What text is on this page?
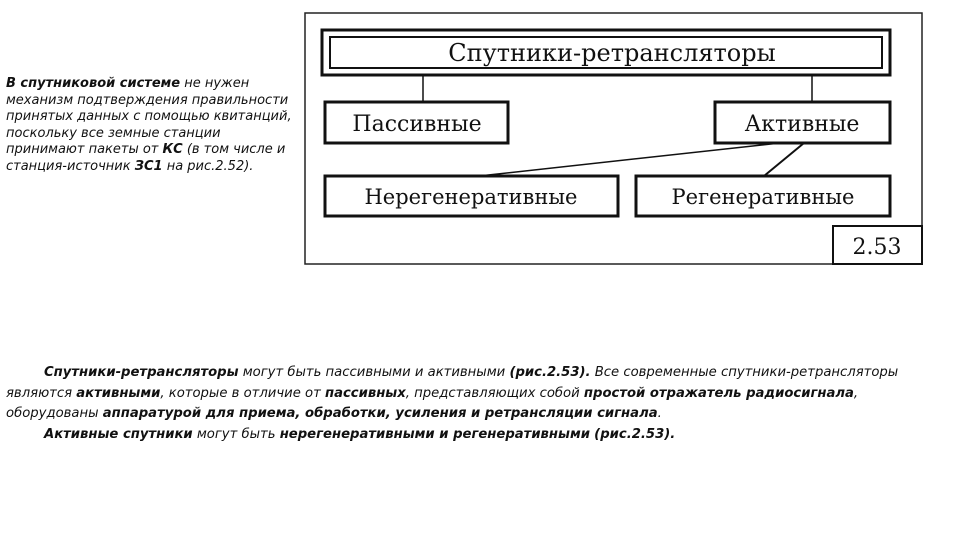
В спутниковой системе не нужен механизм подтверждения правильности принятых данных с помощью квитанций, поскольку все земные станции принимают пакеты от КС (в том числе и станция-источник ЗС1 на рис.2.52).
Спутники-ретрансляторы
Пассивные	Активные
Нерегенеративные	Регенеративные
2.53

Спутники-ретрансляторы могут быть пассивными и активными (рис.2.53). Все современные спутники-ретрансляторы являются активными, которые в отличие от пассивных, представляющих собой простой отражатель радиосигнала, оборудованы аппаратурой для приема, обработки, усиления и ретрансляции сигнала.

Активные спутники могут быть нерегенеративными и регенеративными (рис.2.53).
